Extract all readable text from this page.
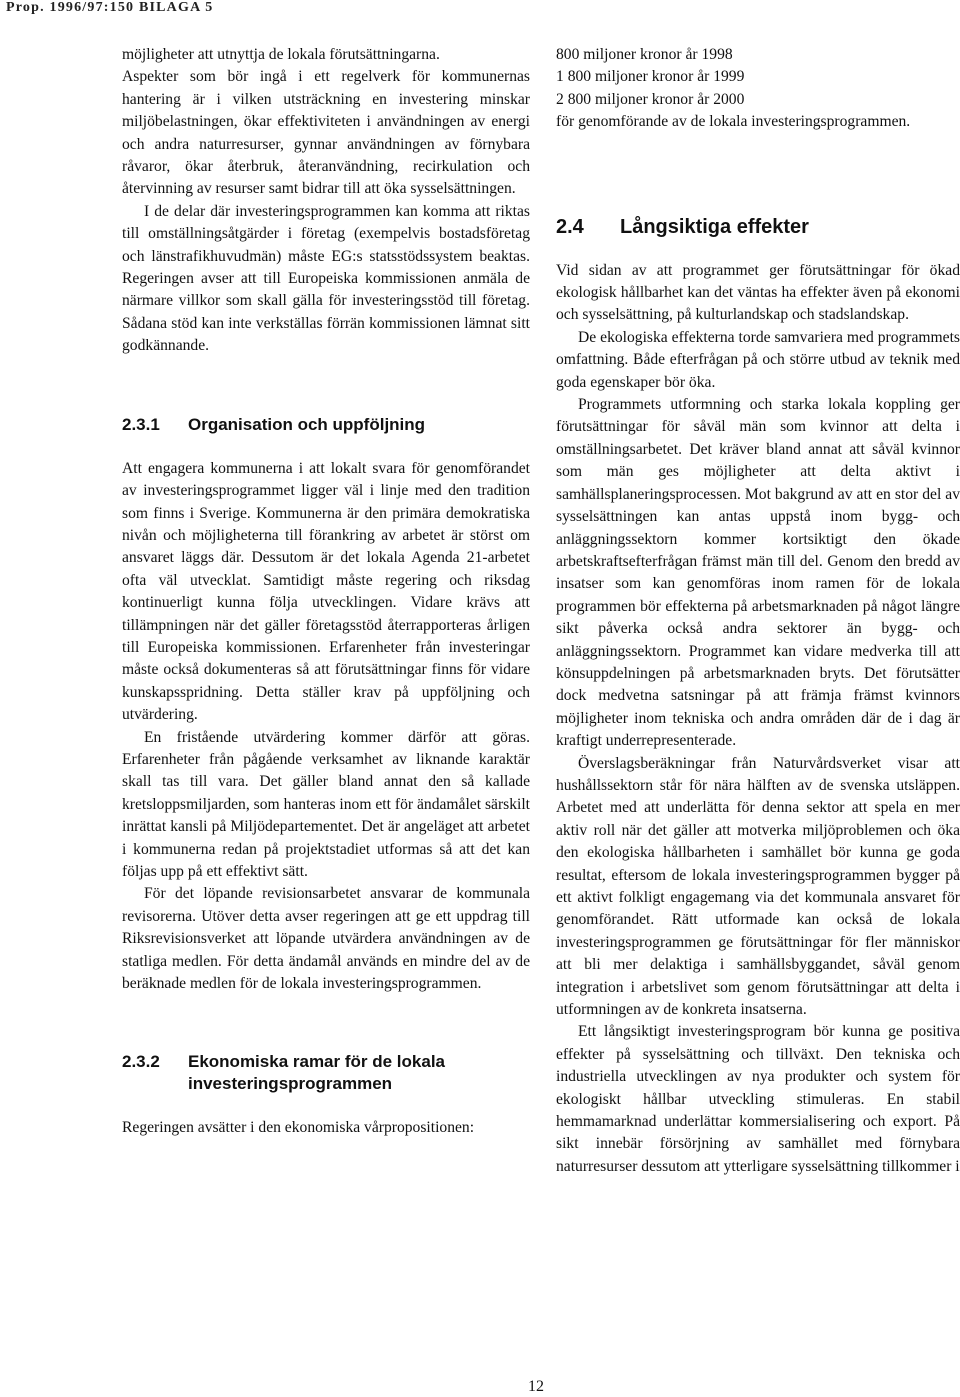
Prop. 1996/97:150 BILAGA 5

möjligheter att utnyttja de lokala förutsättningarna.

Aspekter som bör ingå i ett regelverk för kommunernas hantering är i vilken utsträckning en investering minskar miljöbelastningen, ökar effektiviteten i användningen av energi och andra naturresurser, gynnar användningen av förnybara råvaror, ökar återbruk, återanvändning, recirkulation och återvinning av resurser samt bidrar till att öka sysselsättningen.

I de delar där investeringsprogrammen kan komma att riktas till omställningsåtgärder i företag (exempelvis bostadsföretag och länstrafikhuvudmän) måste EG:s statsstödssystem beaktas. Regeringen avser att till Europeiska kommissionen anmäla de närmare villkor som skall gälla för investeringsstöd till företag. Sådana stöd kan inte verkställas förrän kommissionen lämnat sitt godkännande.

2.3.1	Organisation och uppföljning

Att engagera kommunerna i att lokalt svara för genomförandet av investeringsprogrammet ligger väl i linje med den tradition som finns i Sverige. Kommunerna är den primära demokratiska nivån och möjligheterna till förankring av arbetet är störst om ansvaret läggs där. Dessutom är det lokala Agenda 21-arbetet ofta väl utvecklat. Samtidigt måste regering och riksdag kontinuerligt kunna följa utvecklingen. Vidare krävs att tillämpningen när det gäller företagsstöd återrapporteras årligen till Europeiska kommissionen. Erfarenheter från investeringar måste också dokumenteras så att förutsättningar finns för vidare kunskapsspridning. Detta ställer krav på uppföljning och utvärdering.

En fristående utvärdering kommer därför att göras. Erfarenheter från pågående verksamhet av liknande karaktär skall tas till vara. Det gäller bland annat den så kallade kretsloppsmiljarden, som hanteras inom ett för ändamålet särskilt inrättat kansli på Miljödepartementet. Det är angeläget att arbetet i kommunerna redan på projektstadiet utformas så att det kan följas upp på ett effektivt sätt.

För det löpande revisionsarbetet ansvarar de kommunala revisorerna. Utöver detta avser regeringen att ge ett uppdrag till Riksrevisionsverket att löpande utvärdera användningen av de statliga medlen. För detta ändamål används en mindre del av de beräknade medlen för de lokala investeringsprogrammen.

2.3.2	Ekonomiska ramar för de lokala investeringsprogrammen

Regeringen avsätter i den ekonomiska vårpropositionen:

800 miljoner kronor år 1998

1 800 miljoner kronor år 1999

2 800 miljoner kronor år 2000

för genomförande av de lokala investeringsprogrammen.

2.4	Långsiktiga effekter

Vid sidan av att programmet ger förutsättningar för ökad ekologisk hållbarhet kan det väntas ha effekter även på ekonomi och sysselsättning, på kulturlandskap och stadslandskap.

De ekologiska effekterna torde samvariera med programmets omfattning. Både efterfrågan på och större utbud av teknik med goda egenskaper bör öka.

Programmets utformning och starka lokala koppling ger förutsättningar för såväl män som kvinnor att delta i omställningsarbetet. Det kräver bland annat att såväl kvinnor som män ges möjligheter att delta aktivt i samhällsplaneringsprocessen. Mot bakgrund av att en stor del av sysselsättningen kan antas uppstå inom bygg- och anläggningssektorn kommer kortsiktigt den ökade arbetskraftsefterfrågan främst män till del. Genom den bredd av insatser som kan genomföras inom ramen för de lokala programmen bör effekterna på arbetsmarknaden på något längre sikt påverka också andra sektorer än bygg- och anläggningssektorn. Programmet kan vidare medverka till att könsuppdelningen på arbetsmarknaden bryts. Det förutsätter dock medvetna satsningar på att främja främst kvinnors möjligheter inom tekniska och andra områden där de i dag är kraftigt underrepresenterade.

Överslagsberäkningar från Naturvårdsverket visar att hushållssektorn står för nära hälften av de svenska utsläppen. Arbetet med att underlätta för denna sektor att spela en mer aktiv roll när det gäller att motverka miljöproblemen och öka den ekologiska hållbarheten i samhället bör kunna ge goda resultat, eftersom de lokala investeringsprogrammen bygger på ett aktivt folkligt engagemang via det kommunala ansvaret för genomförandet. Rätt utformade kan också de lokala investeringsprogrammen ge förutsättningar för fler människor att bli mer delaktiga i samhällsbyggandet, såväl genom integration i arbetslivet som genom förutsättningar att delta i utformningen av de konkreta insatserna.

Ett långsiktigt investeringsprogram bör kunna ge positiva effekter på sysselsättning och tillväxt. Den tekniska och industriella utvecklingen av nya produkter och system för ekologiskt hållbar utveckling stimuleras. En stabil hemmamarknad underlättar kommersialisering och export. På sikt innebär försörjning av samhället med förnybara naturresurser dessutom att ytterligare sysselsättning tillkommer i

12
